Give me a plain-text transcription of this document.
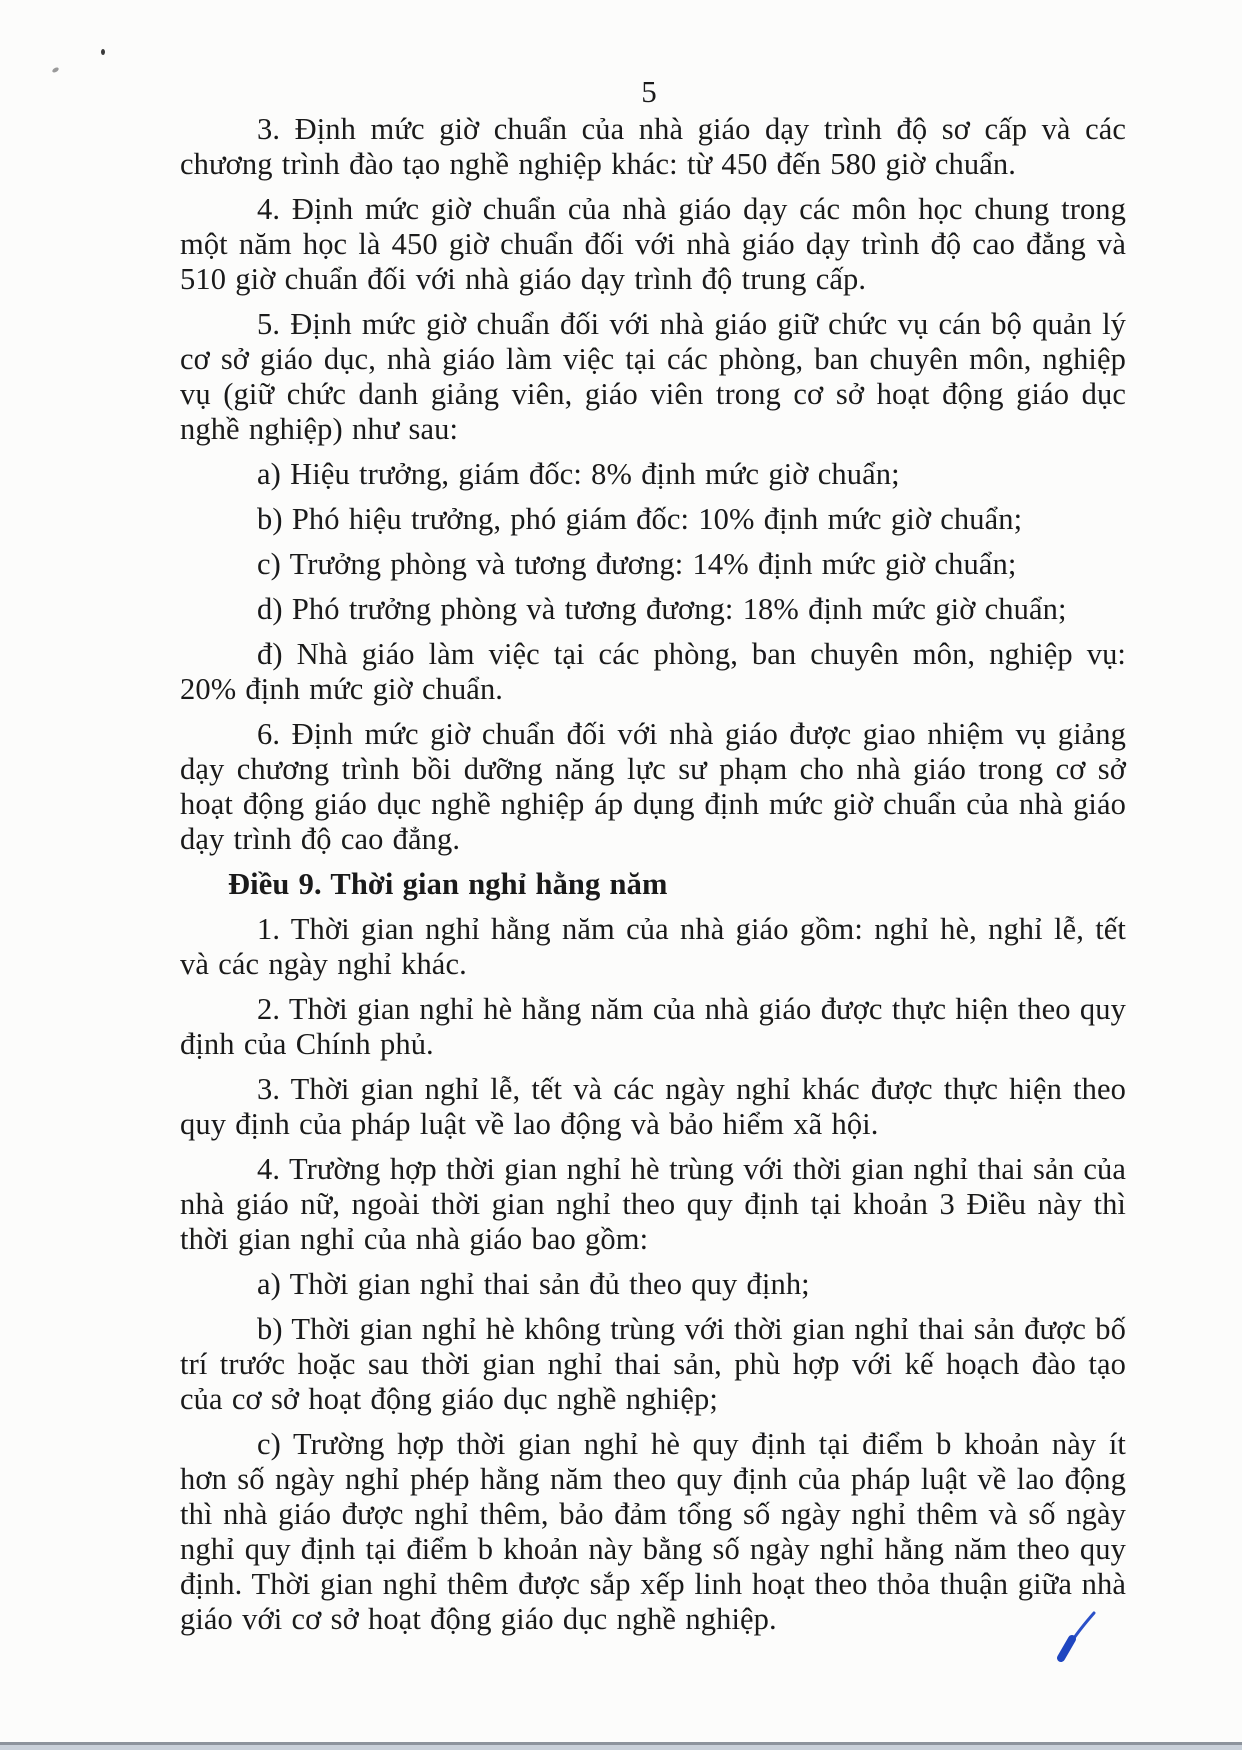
5

3. Định mức giờ chuẩn của nhà giáo dạy trình độ sơ cấp và các chương trình đào tạo nghề nghiệp khác: từ 450 đến 580 giờ chuẩn.

4. Định mức giờ chuẩn của nhà giáo dạy các môn học chung trong một năm học là 450 giờ chuẩn đối với nhà giáo dạy trình độ cao đẳng và 510 giờ chuẩn đối với nhà giáo dạy trình độ trung cấp.

5. Định mức giờ chuẩn đối với nhà giáo giữ chức vụ cán bộ quản lý cơ sở giáo dục, nhà giáo làm việc tại các phòng, ban chuyên môn, nghiệp vụ (giữ chức danh giảng viên, giáo viên trong cơ sở hoạt động giáo dục nghề nghiệp) như sau:

a) Hiệu trưởng, giám đốc: 8% định mức giờ chuẩn;

b) Phó hiệu trưởng, phó giám đốc: 10% định mức giờ chuẩn;

c) Trưởng phòng và tương đương: 14% định mức giờ chuẩn;

d) Phó trưởng phòng và tương đương: 18% định mức giờ chuẩn;

đ) Nhà giáo làm việc tại các phòng, ban chuyên môn, nghiệp vụ: 20% định mức giờ chuẩn.

6. Định mức giờ chuẩn đối với nhà giáo được giao nhiệm vụ giảng dạy chương trình bồi dưỡng năng lực sư phạm cho nhà giáo trong cơ sở hoạt động giáo dục nghề nghiệp áp dụng định mức giờ chuẩn của nhà giáo dạy trình độ cao đẳng.

Điều 9. Thời gian nghỉ hằng năm

1. Thời gian nghỉ hằng năm của nhà giáo gồm: nghỉ hè, nghỉ lễ, tết và các ngày nghỉ khác.

2. Thời gian nghỉ hè hằng năm của nhà giáo được thực hiện theo quy định của Chính phủ.

3. Thời gian nghỉ lễ, tết và các ngày nghỉ khác được thực hiện theo quy định của pháp luật về lao động và bảo hiểm xã hội.

4. Trường hợp thời gian nghỉ hè trùng với thời gian nghỉ thai sản của nhà giáo nữ, ngoài thời gian nghỉ theo quy định tại khoản 3 Điều này thì thời gian nghỉ của nhà giáo bao gồm:

a) Thời gian nghỉ thai sản đủ theo quy định;

b) Thời gian nghỉ hè không trùng với thời gian nghỉ thai sản được bố trí trước hoặc sau thời gian nghỉ thai sản, phù hợp với kế hoạch đào tạo của cơ sở hoạt động giáo dục nghề nghiệp;

c) Trường hợp thời gian nghỉ hè quy định tại điểm b khoản này ít hơn số ngày nghỉ phép hằng năm theo quy định của pháp luật về lao động thì nhà giáo được nghỉ thêm, bảo đảm tổng số ngày nghỉ thêm và số ngày nghỉ quy định tại điểm b khoản này bằng số ngày nghỉ hằng năm theo quy định. Thời gian nghỉ thêm được sắp xếp linh hoạt theo thỏa thuận giữa nhà giáo với cơ sở hoạt động giáo dục nghề nghiệp.
